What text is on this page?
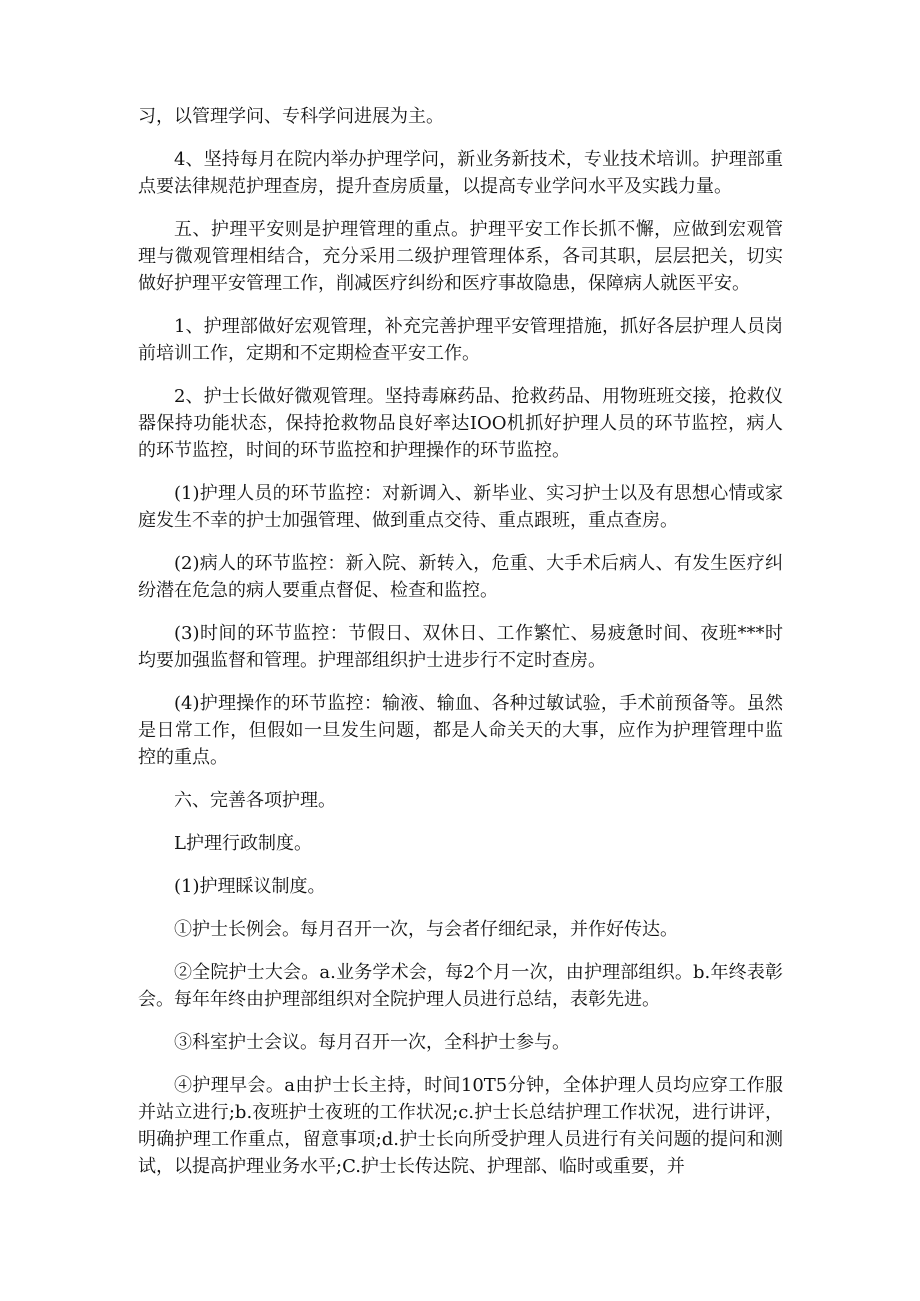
习，以管理学问、专科学问进展为主。

4、坚持每月在院内举办护理学问，新业务新技术，专业技术培训。护理部重点要法律规范护理查房，提升查房质量，以提高专业学问水平及实践力量。

五、护理平安则是护理管理的重点。护理平安工作长抓不懈，应做到宏观管理与微观管理相结合，充分采用二级护理管理体系，各司其职，层层把关，切实做好护理平安管理工作，削减医疗纠纷和医疗事故隐患，保障病人就医平安。

1、护理部做好宏观管理，补充完善护理平安管理措施，抓好各层护理人员岗前培训工作，定期和不定期检查平安工作。

2、护士长做好微观管理。坚持毒麻药品、抢救药品、用物班班交接，抢救仪器保持功能状态，保持抢救物品良好率达IOO机抓好护理人员的环节监控，病人的环节监控，时间的环节监控和护理操作的环节监控。

(1)护理人员的环节监控：对新调入、新毕业、实习护士以及有思想心情或家庭发生不幸的护士加强管理、做到重点交待、重点跟班，重点查房。

(2)病人的环节监控：新入院、新转入，危重、大手术后病人、有发生医疗纠纷潜在危急的病人要重点督促、检查和监控。

(3)时间的环节监控：节假日、双休日、工作繁忙、易疲惫时间、夜班***时均要加强监督和管理。护理部组织护士进步行不定时查房。

(4)护理操作的环节监控：输液、输血、各种过敏试验，手术前预备等。虽然是日常工作，但假如一旦发生问题，都是人命关天的大事，应作为护理管理中监控的重点。

六、完善各项护理。

L护理行政制度。

(1)护理睬议制度。

①护士长例会。每月召开一次，与会者仔细纪录，并作好传达。

②全院护士大会。a.业务学术会，每2个月一次，由护理部组织。b.年终表彰会。每年年终由护理部组织对全院护理人员进行总结，表彰先进。

③科室护士会议。每月召开一次，全科护士参与。

④护理早会。a由护士长主持，时间10T5分钟，全体护理人员均应穿工作服并站立进行;b.夜班护士夜班的工作状况;c.护士长总结护理工作状况，进行讲评，明确护理工作重点，留意事项;d.护士长向所受护理人员进行有关问题的提问和测试，以提高护理业务水平;C.护士长传达院、护理部、临时或重要，并
